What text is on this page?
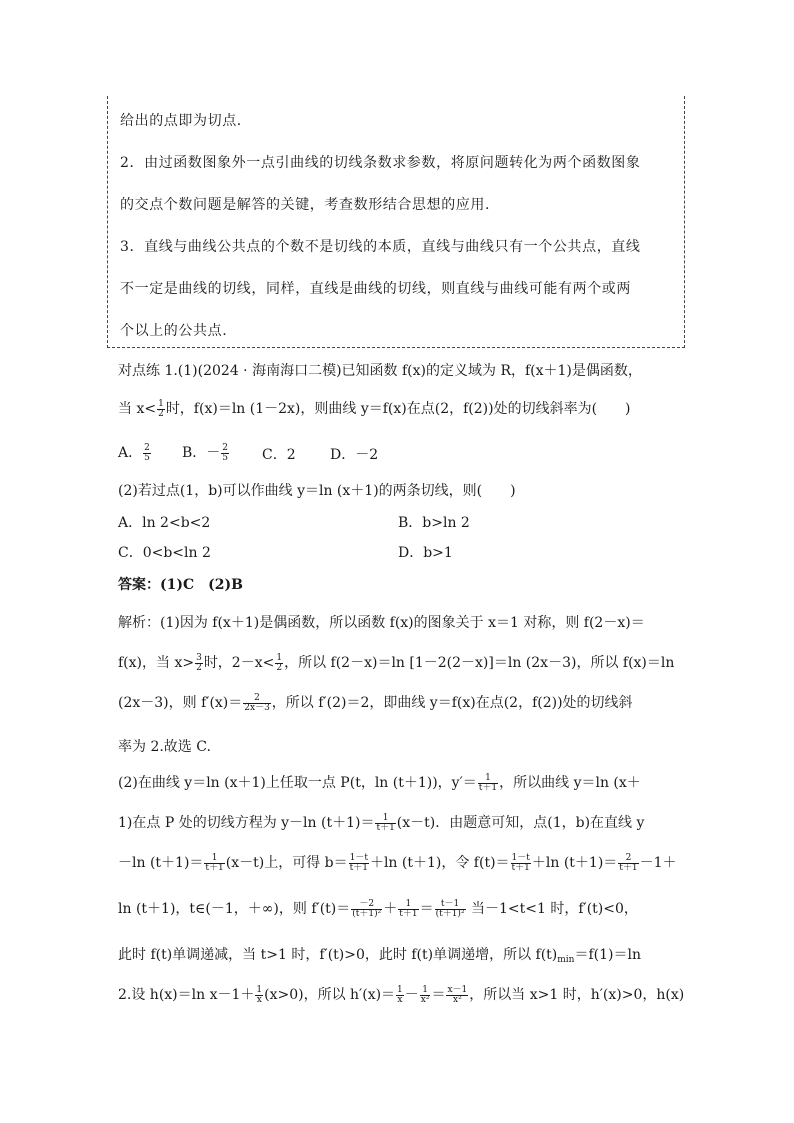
给出的点即为切点.
2．由过函数图象外一点引曲线的切线条数求参数，将原问题转化为两个函数图象
的交点个数问题是解答的关键，考查数形结合思想的应用.
3．直线与曲线公共点的个数不是切线的本质，直线与曲线只有一个公共点，直线
不一定是曲线的切线，同样，直线是曲线的切线，则直线与曲线可能有两个或两
个以上的公共点.
对点练 1.(1)(2024 · 海南海口二模)已知函数 f(x)的定义域为 R，f(x＋1)是偶函数，
当 $x< \frac{1}{2}$ 时，f(x)＝ln (1－2x)，则曲线 y＝f(x)在点(2，f(2))处的切线斜率为(　　)
A． $\frac{2}{5}$ B．－ $\frac{2}{5}$ C．2 D．－2
(2)若过点(1，b)可以作曲线 y＝ln (x＋1)的两条切线，则(　　)
A．ln 2<b<2	B．b>ln 2
C．0<b<ln 2	D．b>1
答案：(1)C　(2)B
解析：(1)因为 f(x＋1)是偶函数，所以函数 f(x)的图象关于 x＝1 对称，则 f(2－x)＝
f(x)，当 $x> \frac{3}{2}$ 时，$2-x< \frac{1}{2}$ ，所以 f(2－x)＝ln [1－2(2－x)]＝ln (2x－3)，所以 f(x)＝ln
(2x－3)，则 $f'(x)= \frac{2}{2x-3}$ ，所以 f′(2)＝2，即曲线 y＝f(x)在点(2，f(2))处的切线斜
率为 2.故选 C.
(2)在曲线 y＝ln (x＋1)上任取一点 P(t，ln (t＋1))，$y'= \frac{1}{t+1}$ ，所以曲线 y＝ln (x＋
1)在点 P 处的切线方程为 y－ln $(t+1)= \frac{1}{t+1} (x-t)$．由题意可知，点(1，b)在直线 y
－ln $(t+1)= \frac{1}{t+1} (x-t)$上，可得 $b= \frac{1-t}{t+1} +\ln$ (t＋1)，令 $f(t)= \frac{1-t}{t+1} +\ln$ $(t+1)= \frac{2}{t+1} -1+$
ln (t＋1)，t∈(－1，＋∞)，则 $f'(t)= \frac{-2}{\text{(t＋1)²}} + \frac{1}{t+1} = \frac{t-1}{\text{(t＋1)²}}$ 当－1<t<1 时，f′(t)<0，
此时 f(t)单调递减，当 t>1 时，f′(t)>0，此时 f(t)单调递增，所以 $f(t)_{min}=f(1)=\ln$
2.设 h(x)＝ln $x-1+ \frac{1}{x} (x>0)$，所以 $h'(x)= \frac{1}{x} - \frac{1}{\text{x²}} = \frac{x-1}{\text{x²}}$ ，所以当 x>1 时，h′(x)>0，h(x)
